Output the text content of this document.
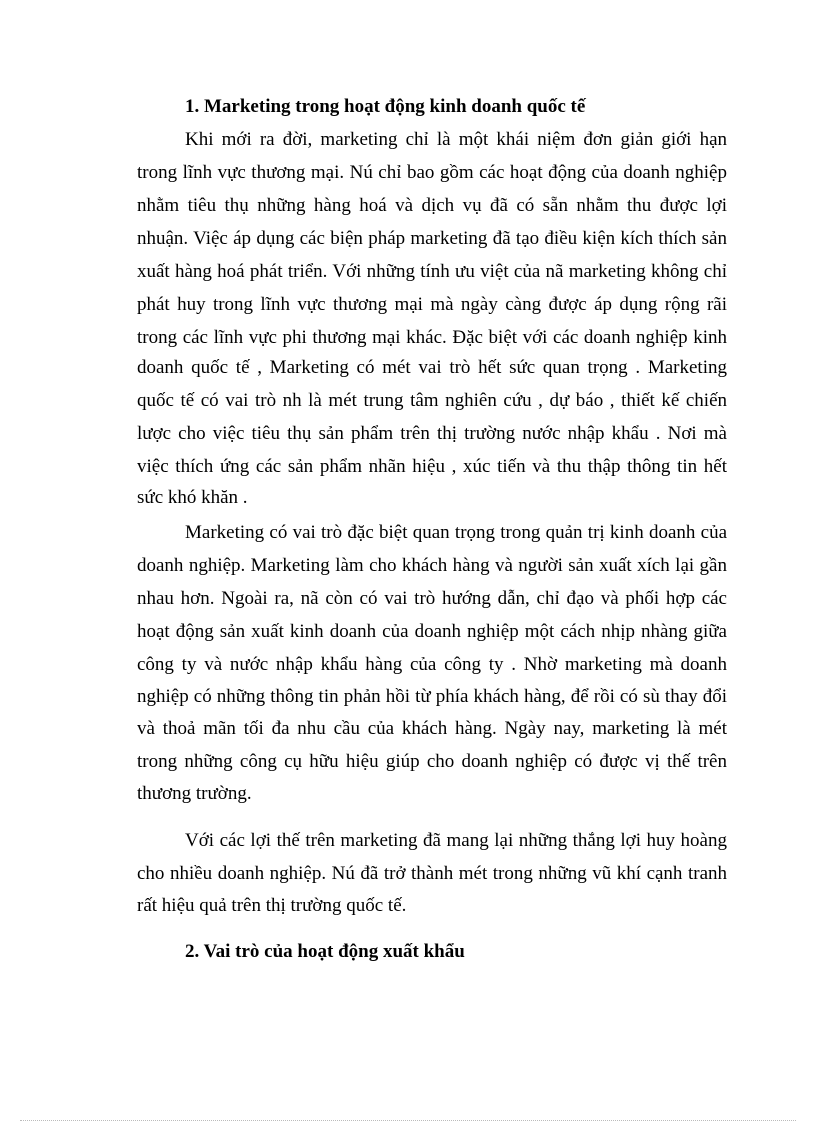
1. Marketing trong hoạt động kinh doanh quốc tế
Khi mới ra đời, marketing chỉ là một khái niệm đơn giản giới hạn
trong lĩnh vực thương mại. Nú chỉ bao gồm các hoạt động của doanh nghiệp
nhằm tiêu thụ những hàng hoá và dịch vụ đã có sẵn nhằm thu được lợi
nhuận. Việc áp dụng các biện pháp marketing đã tạo điều kiện kích thích sản
xuất hàng hoá phát triển. Với những tính ưu việt của nã marketing không chỉ
phát huy trong lĩnh vực thương mại mà ngày càng được áp dụng rộng rãi
trong các lĩnh vực phi thương mại khác. Đặc biệt với các doanh nghiệp kinh
doanh quốc tế , Marketing có mét vai trò hết sức quan trọng . Marketing
quốc tế có vai trò nh là mét trung tâm nghiên cứu , dự báo , thiết kế chiến
lược cho việc tiêu thụ sản phẩm trên thị trường nước nhập khẩu . Nơi mà
việc thích ứng các sản phẩm nhãn hiệu , xúc tiến và thu thập thông tin hết
sức khó khăn .
Marketing có vai trò đặc biệt quan trọng trong quản trị kinh doanh của
doanh nghiệp. Marketing làm cho khách hàng và người sản xuất xích lại gần
nhau hơn. Ngoài ra, nã còn có vai trò hướng dẫn, chỉ đạo và phối hợp các
hoạt động sản xuất kinh doanh của doanh nghiệp một cách nhịp nhàng giữa
công ty và nước nhập khẩu hàng của công ty . Nhờ marketing mà doanh
nghiệp có những thông tin phản hồi từ phía khách hàng, để rồi có sù thay đổi
và thoả mãn tối đa nhu cầu của khách hàng. Ngày nay, marketing là mét
trong những công cụ hữu hiệu giúp cho doanh nghiệp có được vị thế trên
thương trường.
Với các lợi thế trên marketing đã mang lại những thắng lợi huy hoàng
cho nhiều doanh nghiệp. Nú đã trở thành mét trong những vũ khí cạnh tranh
rất hiệu quả trên thị trường quốc tế.
2. Vai trò của hoạt động xuất khẩu
